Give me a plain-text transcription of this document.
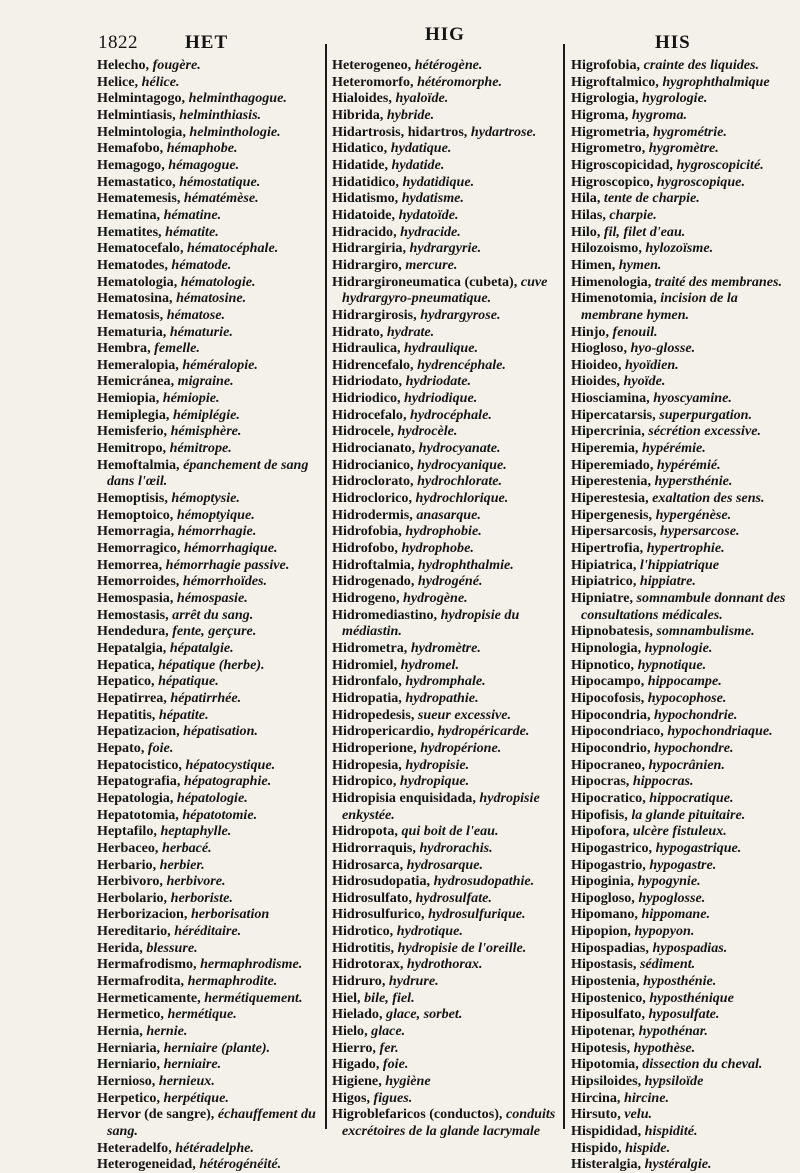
1822 HET	HIG	HIS

Helecho, fougère.

Helice, hélice.

Helmintagogo, helminthagogue.

Helmintiasis, helminthiasis.

Helmintologia, helminthologie.

Hemafobo, hémaphobe.

Hemagogo, hémagogue.

Hemastatico, hémostatique.

Hematemesis, hématémèse.

Hematina, hématine.

Hematites, hématite.

Hematocefalo, hématocéphale.

Hematodes, hématode.

Hematologia, hématologie.

Hematosina, hématosine.

Hematosis, hématose.

Hematuria, hématurie.

Hembra, femelle.

Hemeralopia, héméralopie.

Hemicránea, migraine.

Hemiopia, hémiopie.

Hemiplegia, hémiplégie.

Hemisferio, hémisphère.

Hemitropo, hémitrope.

Hemoftalmia, épanchement de sang dans l'œil.

Hemoptisis, hémoptysie.

Hemoptoico, hémoptyique.

Hemorragia, hémorrhagie.

Hemorragico, hémorrhagique.

Hemorrea, hémorrhagie passive.

Hemorroides, hémorrhoïdes.

Hemospasia, hémospasie.

Hemostasis, arrêt du sang.

Hendedura, fente, gerçure.

Hepatalgia, hépatalgie.

Hepatica, hépatique (herbe).

Hepatico, hépatique.

Hepatirrea, hépatirrhée.

Hepatitis, hépatite.

Hepatizacion, hépatisation.

Hepato, foie.

Hepatocistico, hépatocystique.

Hepatografia, hépatographie.

Hepatologia, hépatologie.

Hepatotomia, hépatotomie.

Heptafilo, heptaphylle.

Herbaceo, herbacé.

Herbario, herbier.

Herbivoro, herbivore.

Herbolario, herboriste.

Herborizacion, herborisation

Hereditario, héréditaire.

Herida, blessure.

Hermafrodismo, hermaphrodisme.

Hermafrodita, hermaphrodite.

Hermeticamente, hermétiquement.

Hermetico, hermétique.

Hernia, hernie.

Herniaria, herniaire (plante).

Herniario, herniaire.

Hernioso, hernieux.

Herpetico, herpétique.

Hervor (de sangre), échauffement du sang.

Heteradelfo, hétéradelphe.

Heterogeneidad, hétérogénéité.

Heterogeneo, hétérogène.

Heteromorfo, hétéromorphe.

Hialoides, hyaloïde.

Hibrida, hybride.

Hidartrosis, hidartros, hydartrose.

Hidatico, hydatique.

Hidatide, hydatide.

Hidatidico, hydatidique.

Hidatismo, hydatisme.

Hidatoide, hydatoïde.

Hidracido, hydracide.

Hidrargiria, hydrargyrie.

Hidrargiro, mercure.

Hidrargironeumatica (cubeta), cuve hydrargyro-pneumatique.

Hidrargirosis, hydrargyrose.

Hidrato, hydrate.

Hidraulica, hydraulique.

Hidrencefalo, hydrencéphale.

Hidriodato, hydriodate.

Hidriodico, hydriodique.

Hidrocefalo, hydrocéphale.

Hidrocele, hydrocèle.

Hidrocianato, hydrocyanate.

Hidrocianico, hydrocyanique.

Hidroclorato, hydrochlorate.

Hidroclorico, hydrochlorique.

Hidrodermis, anasarque.

Hidrofobia, hydrophobie.

Hidrofobo, hydrophobe.

Hidroftalmia, hydrophthalmie.

Hidrogenado, hydrogéné.

Hidrogeno, hydrogène.

Hidromediastino, hydropisie du médiastin.

Hidrometra, hydromètre.

Hidromiel, hydromel.

Hidronfalo, hydromphale.

Hidropatia, hydropathie.

Hidropedesis, sueur excessive.

Hidropericardio, hydropéricarde.

Hidroperione, hydropérione.

Hidropesia, hydropisie.

Hidropico, hydropique.

Hidropisia enquisidada, hydropisie enkystée.

Hidropota, qui boit de l'eau.

Hidrorraquis, hydrorachis.

Hidrosarca, hydrosarque.

Hidrosudopatia, hydrosudopathie.

Hidrosulfato, hydrosulfate.

Hidrosulfurico, hydrosulfurique.

Hidrotico, hydrotique.

Hidrotitis, hydropisie de l'oreille.

Hidrotorax, hydrothorax.

Hidruro, hydrure.

Hiel, bile, fiel.

Hielado, glace, sorbet.

Hielo, glace.

Hierro, fer.

Higado, foie.

Higiene, hygiène

Higos, figues.

Higroblefaricos (conductos), conduits excrétoires de la glande lacrymale

Higrofobia, crainte des liquides.

Higroftalmico, hygrophthalmique

Higrologia, hygrologie.

Higroma, hygroma.

Higrometria, hygrométrie.

Higrometro, hygromètre.

Higroscopicidad, hygroscopicité.

Higroscopico, hygroscopique.

Hila, tente de charpie.

Hilas, charpie.

Hilo, fil, filet d'eau.

Hilozoismo, hylozoïsme.

Himen, hymen.

Himenologia, traité des membranes.

Himenotomia, incision de la membrane hymen.

Hinjo, fenouil.

Hiogloso, hyo-glosse.

Hioideo, hyoïdien.

Hioides, hyoïde.

Hiosciamina, hyoscyamine.

Hipercatarsis, superpurgation.

Hipercrinia, sécrétion excessive.

Hiperemia, hypérémie.

Hiperemiado, hypérémié.

Hiperestenia, hypersthénie.

Hiperestesia, exaltation des sens.

Hipergenesis, hypergénèse.

Hipersarcosis, hypersarcose.

Hipertrofia, hypertrophie.

Hipiatrica, l'hippiatrique

Hipiatrico, hippiatre.

Hipniatre, somnambule donnant des consultations médicales.

Hipnobatesis, somnambulisme.

Hipnologia, hypnologie.

Hipnotico, hypnotique.

Hipocampo, hippocampe.

Hipocofosis, hypocophose.

Hipocondria, hypochondrie.

Hipocondriaco, hypochondriaque.

Hipocondrio, hypochondre.

Hipocraneo, hypocrânien.

Hipocras, hippocras.

Hipocratico, hippocratique.

Hipofisis, la glande pituitaire.

Hipofora, ulcère fistuleux.

Hipogastrico, hypogastrique.

Hipogastrio, hypogastre.

Hipoginia, hypogynie.

Hipogloso, hypoglosse.

Hipomano, hippomane.

Hipopion, hypopyon.

Hipospadias, hypospadias.

Hipostasis, sédiment.

Hipostenia, hyposthénie.

Hipostenico, hyposthénique

Hiposulfato, hyposulfate.

Hipotenar, hypothénar.

Hipotesis, hypothèse.

Hipotomia, dissection du cheval.

Hipsiloides, hypsiloïde

Hircina, hircine.

Hirsuto, velu.

Hispididad, hispidité.

Hispido, hispide.

Histeralgia, hystéralgie.
